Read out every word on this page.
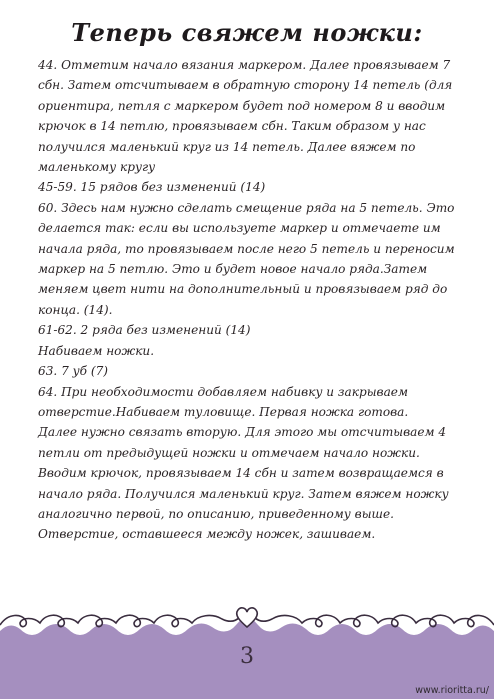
Теперь свяжем ножки:

44. Отметим начало вязания маркером. Далее провязываем 7 сбн. Затем отсчитываем в обратную сторону 14 петель (для ориентира, петля с маркером будет под номером 8 и вводим крючок в 14 петлю, провязываем сбн. Таким образом у нас получился маленький круг из 14 петель. Далее вяжем по маленькому кругу

45-59. 15 рядов без изменений (14)

60. Здесь нам нужно сделать смещение ряда на 5 петель. Это делается так: если вы используете маркер и отмечаете им начала ряда, то провязываем после него 5 петель и переносим маркер на 5 петлю. Это и будет новое начало ряда.Затем меняем цвет нити на дополнительный и провязываем ряд до конца. (14).

61-62. 2 ряда без изменений (14)

Набиваем ножки.

63. 7 уб (7)

64. При необходимости добавляем набивку и закрываем отверстие.Набиваем туловище. Первая ножка готова.

Далее нужно связать вторую. Для этого мы отсчитываем 4 петли от предыдущей ножки и отмечаем начало ножки. Вводим крючок, провязываем 14 сбн и затем возвращаемся в начало ряда. Получился маленький круг. Затем вяжем ножку аналогично первой, по описанию, приведенному выше.

Отверстие, оставшееся между ножек, зашиваем.

3
www.rioritta.ru/
